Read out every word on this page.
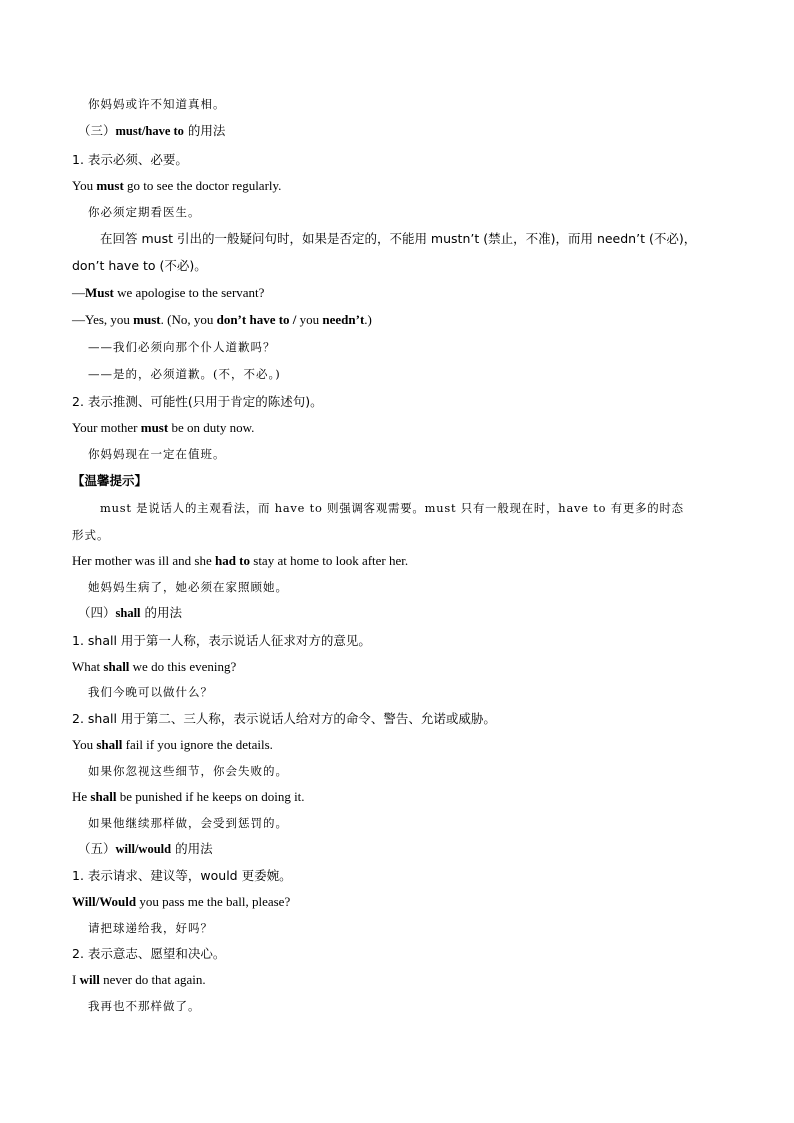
你妈妈或许不知道真相。
（三）must/have to 的用法
1. 表示必须、必要。
You must go to see the doctor regularly.
你必须定期看医生。
在回答 must 引出的一般疑问句时，如果是否定的，不能用 mustn’t (禁止，不准)，而用 needn’t (不必)，
don’t have to (不必)。
—Must we apologise to the servant?
—Yes, you must. (No, you don’t have to / you needn’t.)
——我们必须向那个仆人道歉吗？
——是的，必须道歉。(不，不必。)
2. 表示推测、可能性(只用于肯定的陈述句)。
Your mother must be on duty now.
你妈妈现在一定在值班。
【温馨提示】
must 是说话人的主观看法，而 have to 则强调客观需要。must 只有一般现在时，have to 有更多的时态
形式。
Her mother was ill and she had to stay at home to look after her.
她妈妈生病了，她必须在家照顾她。
（四）shall 的用法
1. shall 用于第一人称，表示说话人征求对方的意见。
What shall we do this evening?
我们今晚可以做什么？
2. shall 用于第二、三人称，表示说话人给对方的命令、警告、允诺或威胁。
You shall fail if you ignore the details.
如果你忽视这些细节，你会失败的。
He shall be punished if he keeps on doing it.
如果他继续那样做，会受到惩罚的。
（五）will/would 的用法
1. 表示请求、建议等，would 更委婉。
Will/Would you pass me the ball, please?
请把球递给我，好吗？
2. 表示意志、愿望和决心。
I will never do that again.
我再也不那样做了。
